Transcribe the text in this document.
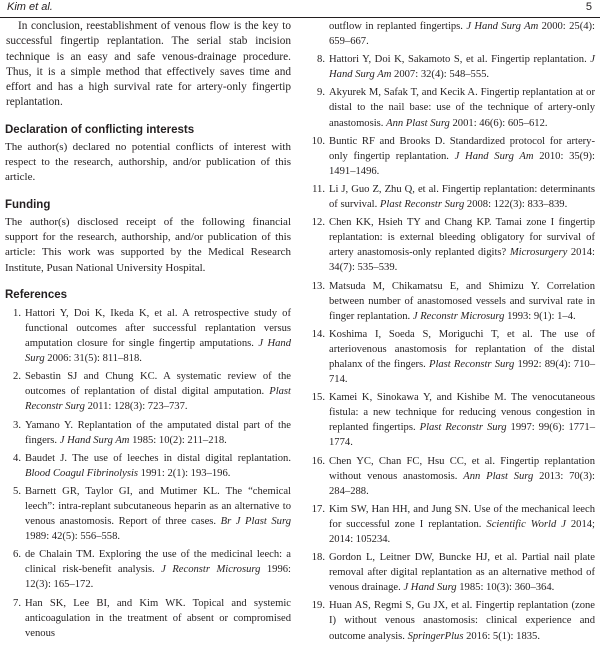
Kim et al.	5

In conclusion, reestablishment of venous flow is the key to successful fingertip replantation. The serial stab incision technique is an easy and safe venous-drainage procedure. Thus, it is a simple method that effectively saves time and effort and has a high survival rate for artery-only fingertip replantation.

Declaration of conflicting interests

The author(s) declared no potential conflicts of interest with respect to the research, authorship, and/or publication of this article.

Funding

The author(s) disclosed receipt of the following financial support for the research, authorship, and/or publication of this article: This work was supported by the Medical Research Institute, Pusan National University Hospital.

References
1. Hattori Y, Doi K, Ikeda K, et al. A retrospective study of functional outcomes after successful replantation versus amputation closure for single fingertip amputations. J Hand Surg 2006: 31(5): 811–818.
2. Sebastin SJ and Chung KC. A systematic review of the outcomes of replantation of distal digital amputation. Plast Reconstr Surg 2011: 128(3): 723–737.
3. Yamano Y. Replantation of the amputated distal part of the fingers. J Hand Surg Am 1985: 10(2): 211–218.
4. Baudet J. The use of leeches in distal digital replantation. Blood Coagul Fibrinolysis 1991: 2(1): 193–196.
5. Barnett GR, Taylor GI, and Mutimer KL. The “chemical leech”: intra-replant subcutaneous heparin as an alternative to venous anastomosis. Report of three cases. Br J Plast Surg 1989: 42(5): 556–558.
6. de Chalain TM. Exploring the use of the medicinal leech: a clinical risk-benefit analysis. J Reconstr Microsurg 1996: 12(3): 165–172.
7. Han SK, Lee BI, and Kim WK. Topical and systemic anticoagulation in the treatment of absent or compromised venous
outflow in replanted fingertips. J Hand Surg Am 2000: 25(4): 659–667.
8. Hattori Y, Doi K, Sakamoto S, et al. Fingertip replantation. J Hand Surg Am 2007: 32(4): 548–555.
9. Akyurek M, Safak T, and Kecik A. Fingertip replantation at or distal to the nail base: use of the technique of artery-only anastomosis. Ann Plast Surg 2001: 46(6): 605–612.
10. Buntic RF and Brooks D. Standardized protocol for artery-only fingertip replantation. J Hand Surg Am 2010: 35(9): 1491–1496.
11. Li J, Guo Z, Zhu Q, et al. Fingertip replantation: determinants of survival. Plast Reconstr Surg 2008: 122(3): 833–839.
12. Chen KK, Hsieh TY and Chang KP. Tamai zone I fingertip replantation: is external bleeding obligatory for survival of artery anastomosis-only replanted digits? Microsurgery 2014: 34(7): 535–539.
13. Matsuda M, Chikamatsu E, and Shimizu Y. Correlation between number of anastomosed vessels and survival rate in finger replantation. J Reconstr Microsurg 1993: 9(1): 1–4.
14. Koshima I, Soeda S, Moriguchi T, et al. The use of arteriovenous anastomosis for replantation of the distal phalanx of the fingers. Plast Reconstr Surg 1992: 89(4): 710–714.
15. Kamei K, Sinokawa Y, and Kishibe M. The venocutaneous fistula: a new technique for reducing venous congestion in replanted fingertips. Plast Reconstr Surg 1997: 99(6): 1771–1774.
16. Chen YC, Chan FC, Hsu CC, et al. Fingertip replantation without venous anastomosis. Ann Plast Surg 2013: 70(3): 284–288.
17. Kim SW, Han HH, and Jung SN. Use of the mechanical leech for successful zone I replantation. Scientific World J 2014; 2014: 105234.
18. Gordon L, Leitner DW, Buncke HJ, et al. Partial nail plate removal after digital replantation as an alternative method of venous drainage. J Hand Surg 1985: 10(3): 360–364.
19. Huan AS, Regmi S, Gu JX, et al. Fingertip replantation (zone I) without venous anastomosis: clinical experience and outcome analysis. SpringerPlus 2016: 5(1): 1835.
